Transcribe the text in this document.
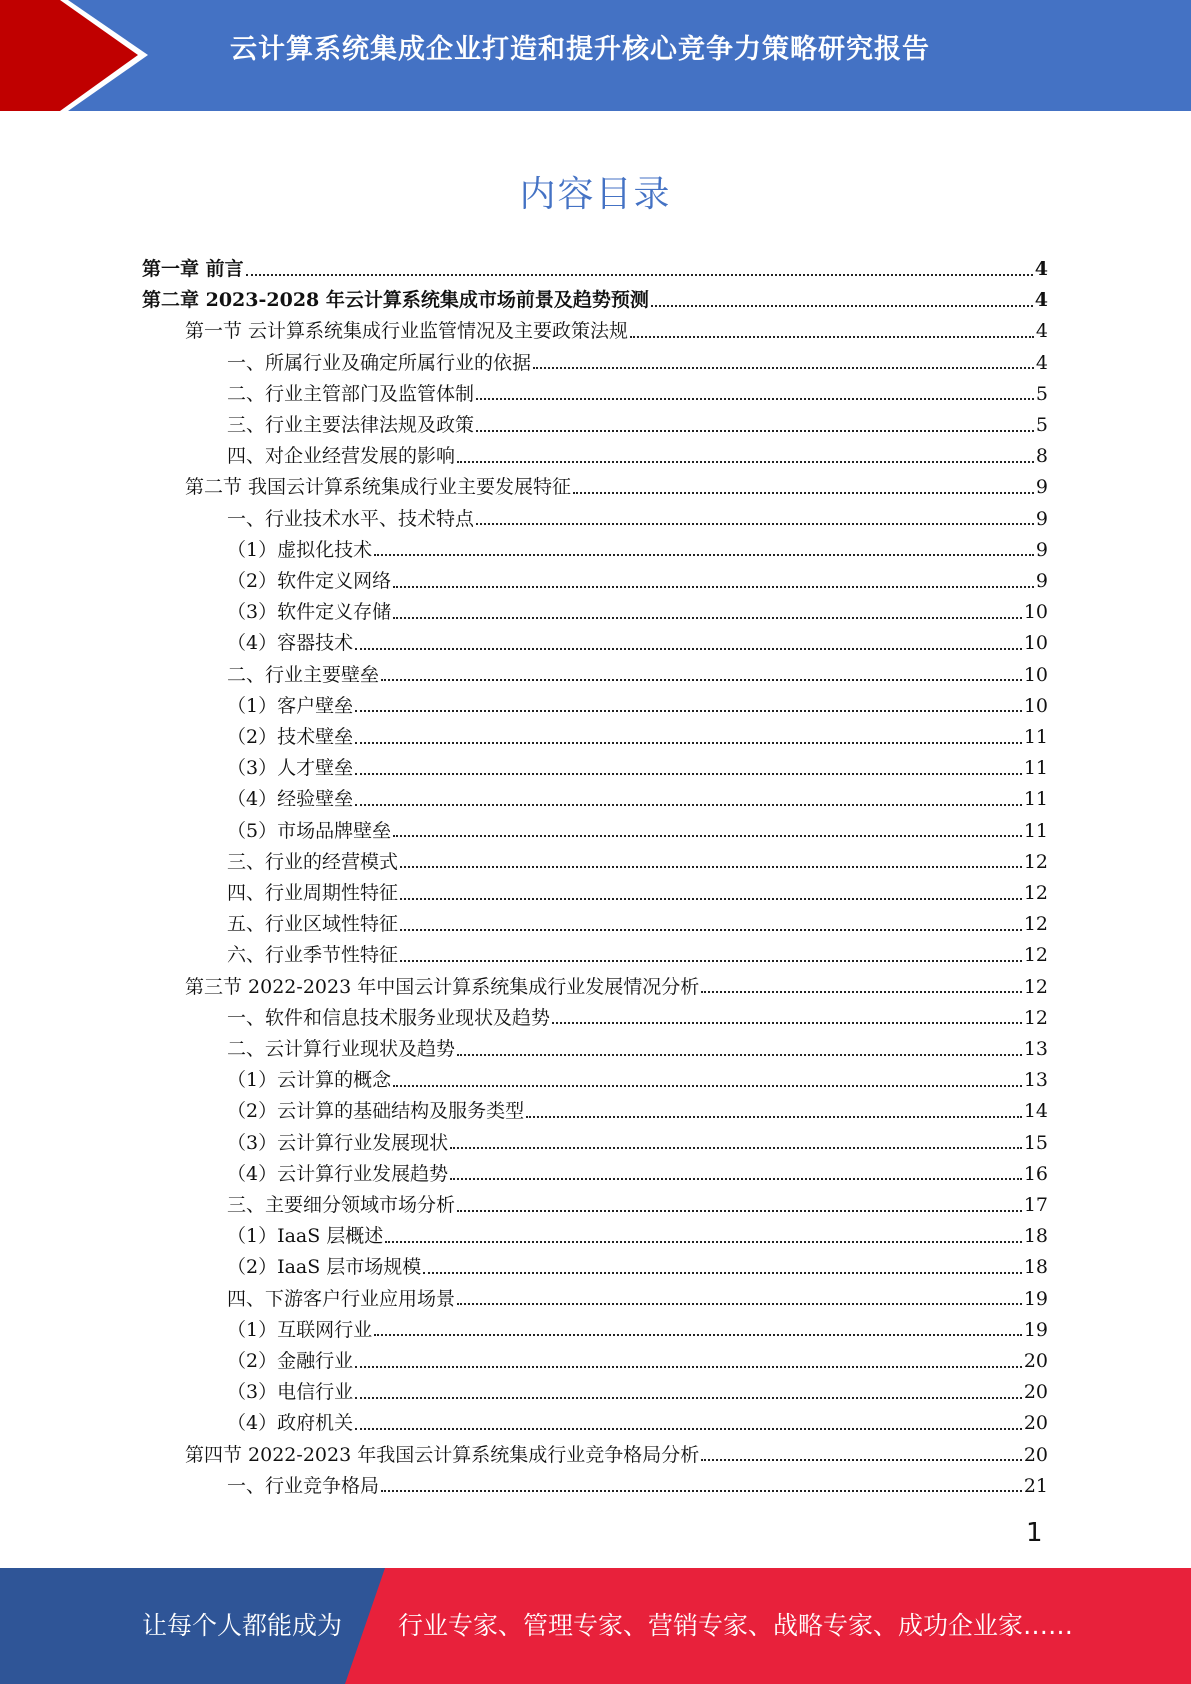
云计算系统集成企业打造和提升核心竞争力策略研究报告
内容目录
第一章 前言	4
第二章 2023-2028 年云计算系统集成市场前景及趋势预测	4
第一节 云计算系统集成行业监管情况及主要政策法规	4
一、所属行业及确定所属行业的依据	4
二、行业主管部门及监管体制	5
三、行业主要法律法规及政策	5
四、对企业经营发展的影响	8
第二节 我国云计算系统集成行业主要发展特征	9
一、行业技术水平、技术特点	9
（1）虚拟化技术	9
（2）软件定义网络	9
（3）软件定义存储	10
（4）容器技术	10
二、行业主要壁垒	10
（1）客户壁垒	10
（2）技术壁垒	11
（3）人才壁垒	11
（4）经验壁垒	11
（5）市场品牌壁垒	11
三、行业的经营模式	12
四、行业周期性特征	12
五、行业区域性特征	12
六、行业季节性特征	12
第三节 2022-2023 年中国云计算系统集成行业发展情况分析	12
一、软件和信息技术服务业现状及趋势	12
二、云计算行业现状及趋势	13
（1）云计算的概念	13
（2）云计算的基础结构及服务类型	14
（3）云计算行业发展现状	15
（4）云计算行业发展趋势	16
三、主要细分领域市场分析	17
（1）IaaS 层概述	18
（2）IaaS 层市场规模	18
四、下游客户行业应用场景	19
（1）互联网行业	19
（2）金融行业	20
（3）电信行业	20
（4）政府机关	20
第四节 2022-2023 年我国云计算系统集成行业竞争格局分析	20
一、行业竞争格局	21
1
让每个人都能成为 行业专家、管理专家、营销专家、战略专家、成功企业家……
